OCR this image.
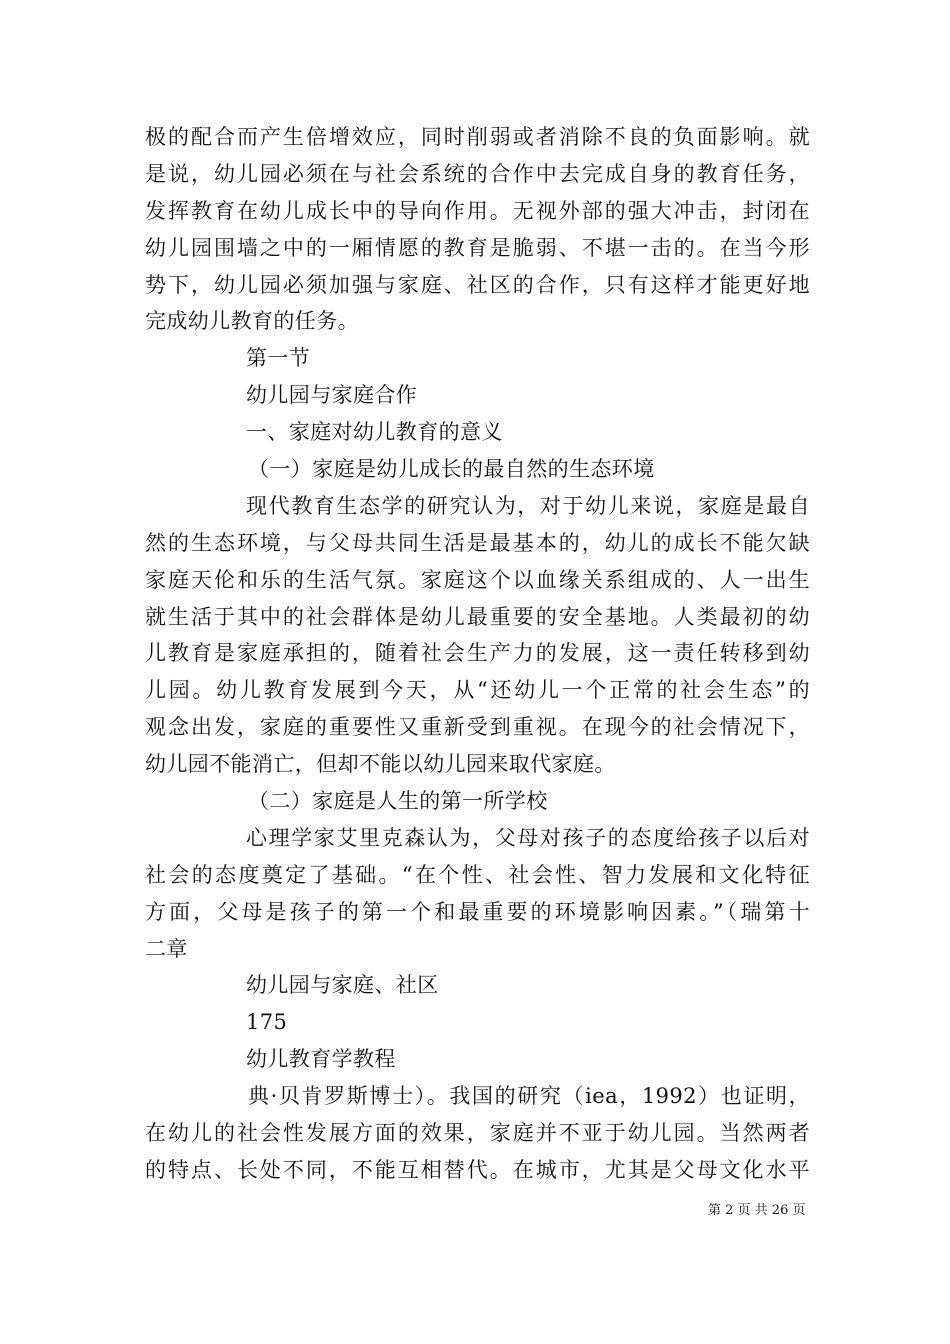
极的配合而产生倍增效应，同时削弱或者消除不良的负面影响。就
是说，幼儿园必须在与社会系统的合作中去完成自身的教育任务，
发挥教育在幼儿成长中的导向作用。无视外部的强大冲击，封闭在
幼儿园围墙之中的一厢情愿的教育是脆弱、不堪一击的。在当今形
势下，幼儿园必须加强与家庭、社区的合作，只有这样才能更好地
完成幼儿教育的任务。
第一节
幼儿园与家庭合作
一、家庭对幼儿教育的意义
（一）家庭是幼儿成长的最自然的生态环境
现代教育生态学的研究认为，对于幼儿来说，家庭是最自
然的生态环境，与父母共同生活是最基本的，幼儿的成长不能欠缺
家庭天伦和乐的生活气氛。家庭这个以血缘关系组成的、人一出生
就生活于其中的社会群体是幼儿最重要的安全基地。人类最初的幼
儿教育是家庭承担的，随着社会生产力的发展，这一责任转移到幼
儿园。幼儿教育发展到今天，从“还幼儿一个正常的社会生态”的
观念出发，家庭的重要性又重新受到重视。在现今的社会情况下，
幼儿园不能消亡，但却不能以幼儿园来取代家庭。
（二）家庭是人生的第一所学校
心理学家艾里克森认为，父母对孩子的态度给孩子以后对
社会的态度奠定了基础。“在个性、社会性、智力发展和文化特征
方面，父母是孩子的第一个和最重要的环境影响因素。”（瑞第十
二章
幼儿园与家庭、社区
175
幼儿教育学教程
典·贝肯罗斯博士）。我国的研究（iea，1992）也证明，
在幼儿的社会性发展方面的效果，家庭并不亚于幼儿园。当然两者
的特点、长处不同，不能互相替代。在城市，尤其是父母文化水平
第 2 页 共 26 页
